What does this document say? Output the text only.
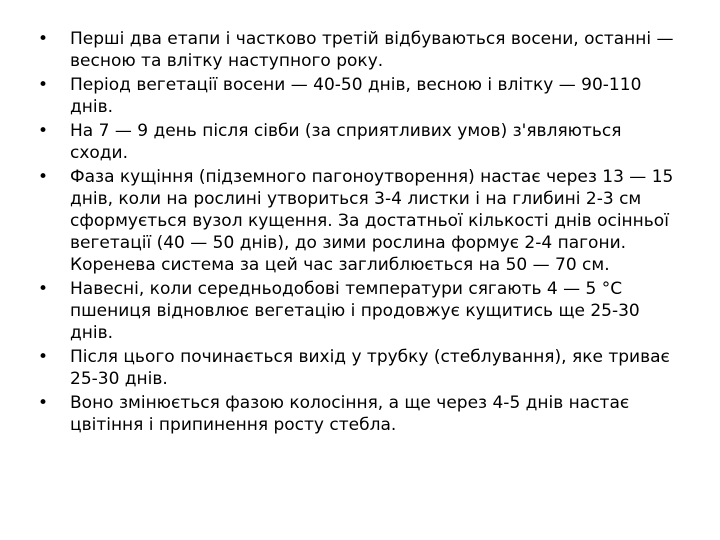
• Перші два етапи і частково третій відбуваються восени, останні — весною та влітку наступного року.
• Період вегетації восени — 40-50 днів, весною і влітку — 90-110 днів.
• На 7 — 9 день після сівби (за сприятливих умов) з'являються сходи.
• Фаза кущіння (підземного пагоноутворення) настає через 13 — 15 днів, коли на рослині утвориться 3-4 листки і на глибині 2-3 см сформується вузол кущення. За достатньої кількості днів осінньої вегетації (40 — 50 днів), до зими рослина формує 2-4 пагони. Коренева система за цей час заглиблюється на 50 — 70 см.
• Навесні, коли середньодобові температури сягають 4 — 5 °С пшениця відновлює вегетацію і продовжує кущитись ще 25-30 днів.
• Після цього починається вихід у трубку (стеблування), яке триває 25-30 днів.
• Воно змінюється фазою колосіння, а ще через 4-5 днів настає цвітіння і припинення росту стебла.
